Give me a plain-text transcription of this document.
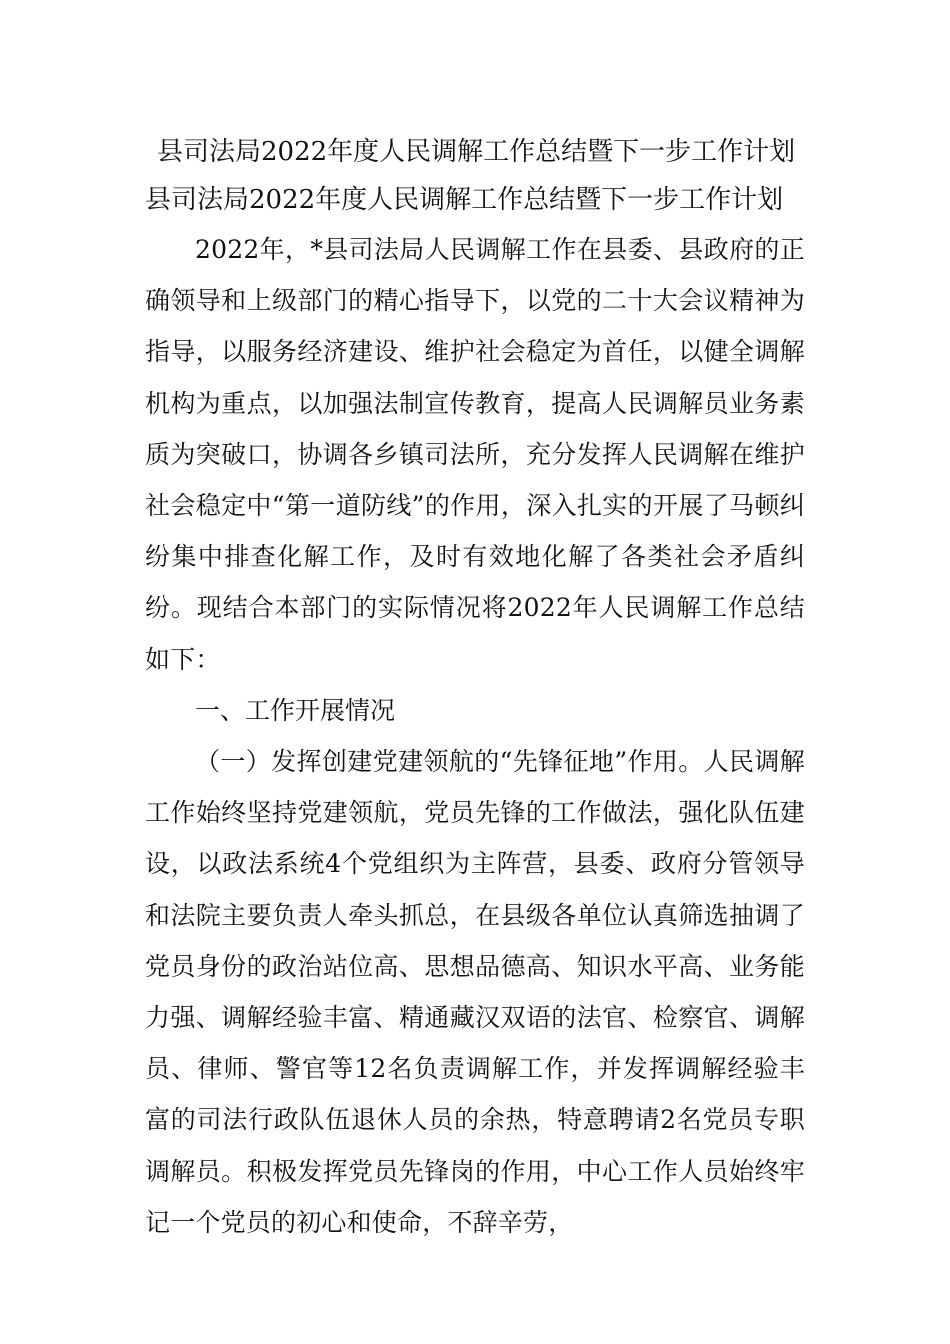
县司法局2022年度人民调解工作总结暨下一步工作计划

县司法局2022年度人民调解工作总结暨下一步工作计划

2022年，*县司法局人民调解工作在县委、县政府的正确领导和上级部门的精心指导下，以党的二十大会议精神为指导，以服务经济建设、维护社会稳定为首任，以健全调解机构为重点，以加强法制宣传教育，提高人民调解员业务素质为突破口，协调各乡镇司法所，充分发挥人民调解在维护社会稳定中“第一道防线”的作用，深入扎实的开展了马顿纠纷集中排查化解工作，及时有效地化解了各类社会矛盾纠纷。现结合本部门的实际情况将2022年人民调解工作总结如下：

一、工作开展情况

（一）发挥创建党建领航的“先锋征地”作用。人民调解工作始终坚持党建领航，党员先锋的工作做法，强化队伍建设，以政法系统4个党组织为主阵营，县委、政府分管领导和法院主要负责人牵头抓总，在县级各单位认真筛选抽调了党员身份的政治站位高、思想品德高、知识水平高、业务能力强、调解经验丰富、精通藏汉双语的法官、检察官、调解员、律师、警官等12名负责调解工作，并发挥调解经验丰富的司法行政队伍退休人员的余热，特意聘请2名党员专职调解员。积极发挥党员先锋岗的作用，中心工作人员始终牢记一个党员的初心和使命，不辞辛劳，
